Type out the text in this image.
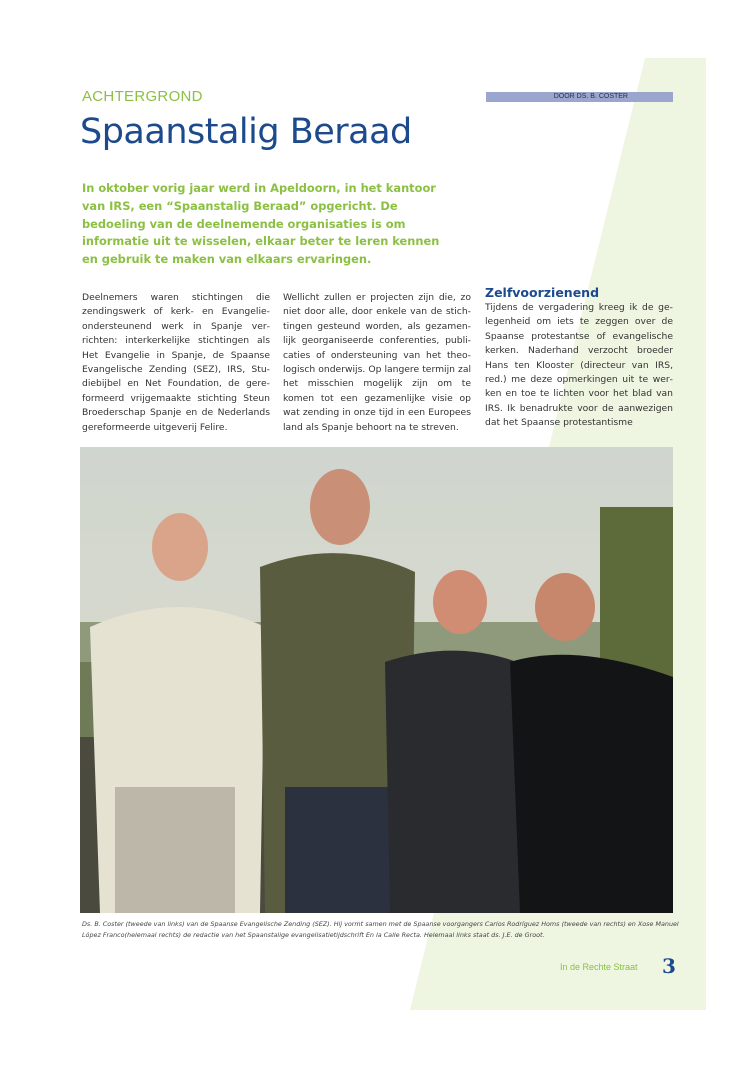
ACHTERGROND	DOOR DS. B. COSTER
Spaanstalig Beraad
In oktober vorig jaar werd in Apeldoorn, in het kantoor van IRS, een “Spaanstalig Beraad” opgericht. De bedoeling van de deelnemende organisaties is om informatie uit te wisselen, elkaar beter te leren kennen en gebruik te maken van elkaars ervaringen.
Deelnemers waren stichtingen die zendingswerk of kerk- en Evangelieondersteunend werk in Spanje verrichten: interkerkelijke stichtingen als Het Evangelie in Spanje, de Spaanse Evangelische Zending (SEZ), IRS, Studiebijbel en Net Foundation, de gereformeerd vrijgemaakte stichting Steun Broederschap Spanje en de Nederlands gereformeerde uitgeverij Felire.
Wellicht zullen er projecten zijn die, zo niet door alle, door enkele van de stichtingen gesteund worden, als gezamenlijk georganiseerde conferenties, publicaties of ondersteuning van het theologisch onderwijs. Op langere termijn zal het misschien mogelijk zijn om te komen tot een gezamenlijke visie op wat zending in onze tijd in een Europees land als Spanje behoort na te streven.
Zelfvoorzienend
Tijdens de vergadering kreeg ik de gelegenheid om iets te zeggen over de Spaanse protestantse of evangelische kerken. Naderhand verzocht broeder Hans ten Klooster (directeur van IRS, red.) me deze opmerkingen uit te werken en toe te lichten voor het blad van IRS. Ik benadrukte voor de aanwezigen dat het Spaanse protestantisme
Ds. B. Coster (tweede van links) van de Spaanse Evangelische Zending (SEZ). Hij vormt samen met de Spaanse voorgangers Carlos Rodríguez Homs (tweede van rechts) en Xose Manuel López Franco(helemaal rechts) de redactie van het Spaanstalige evangelisatietijdschrift En la Calle Recta. Helemaal links staat ds. J.E. de Groot.
In de Rechte Straat 3
